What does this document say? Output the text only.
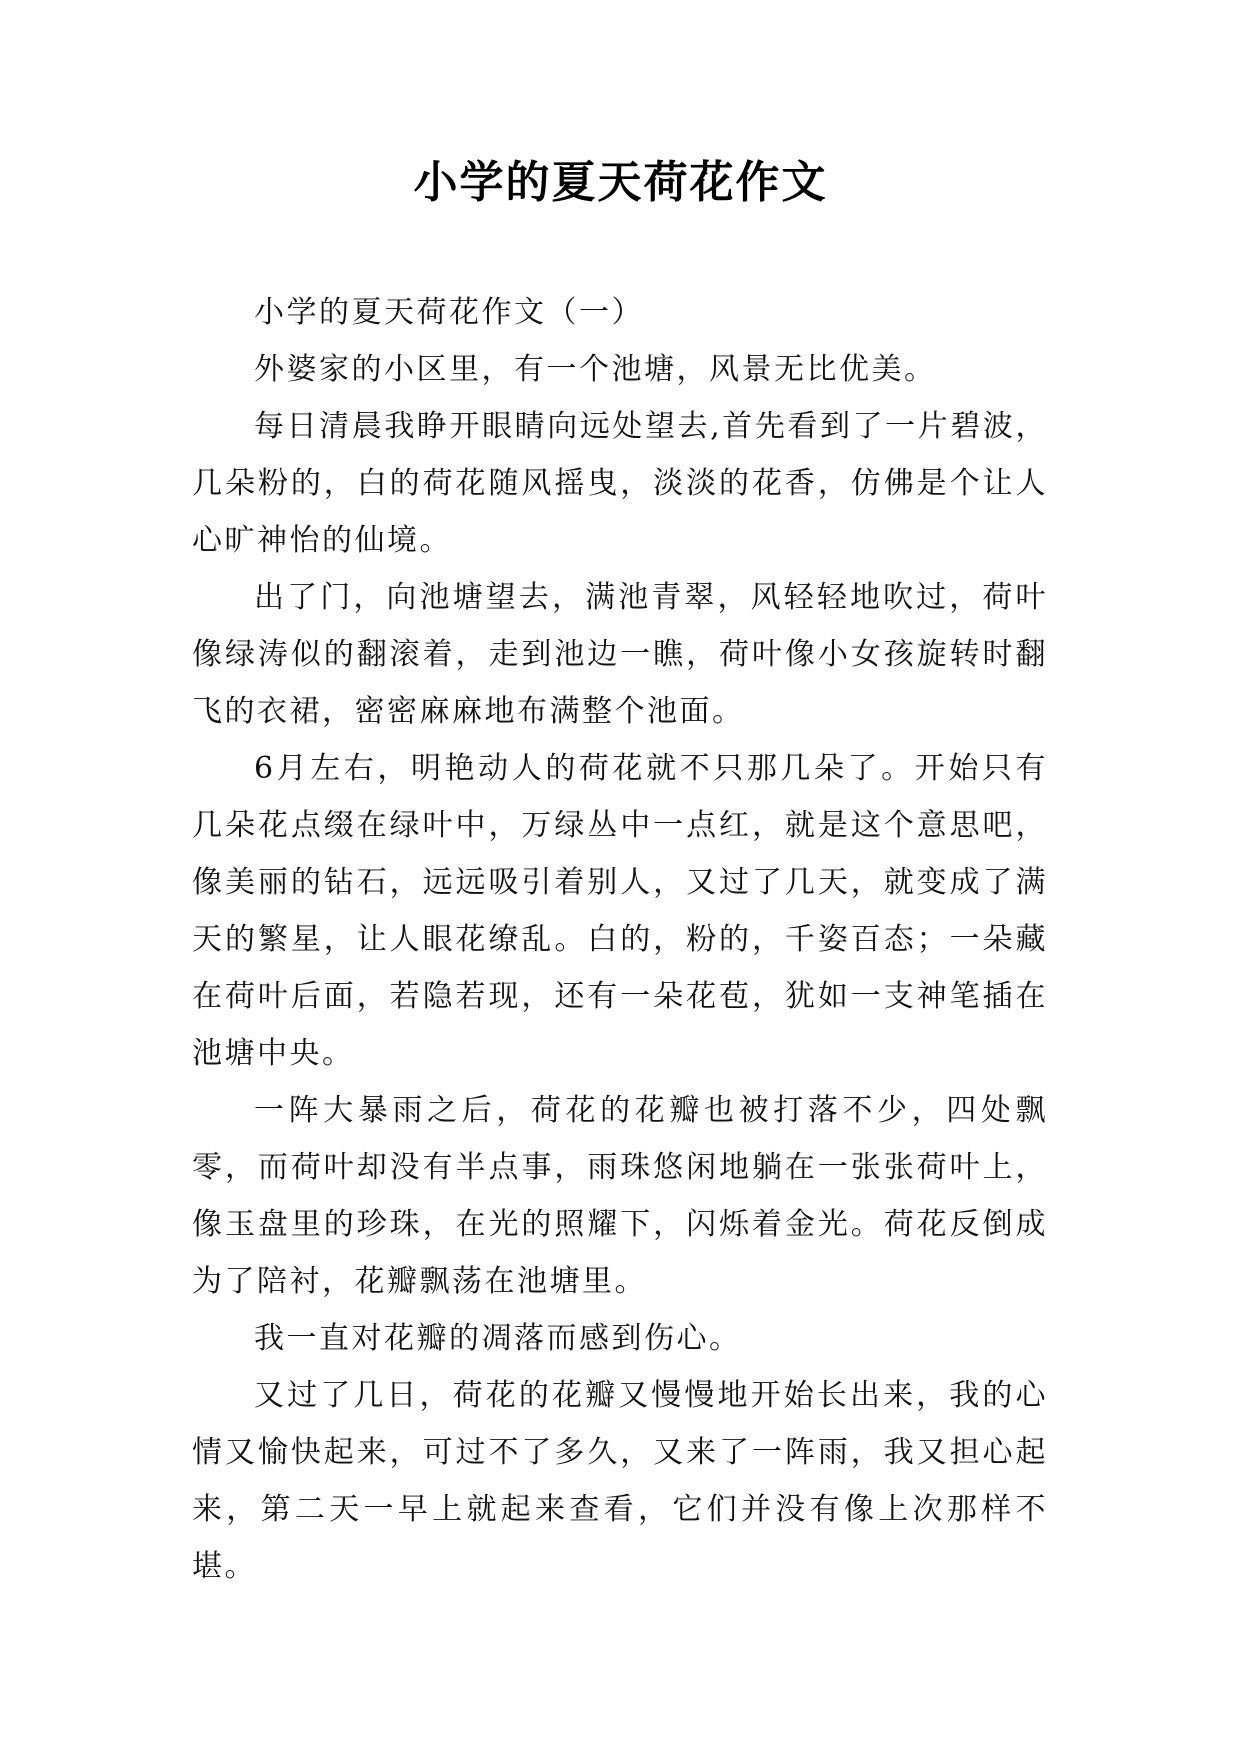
小学的夏天荷花作文

小学的夏天荷花作文（一）

外婆家的小区里，有一个池塘，风景无比优美。

每日清晨我睁开眼睛向远处望去,首先看到了一片碧波，几朵粉的，白的荷花随风摇曳，淡淡的花香，仿佛是个让人心旷神怡的仙境。

出了门，向池塘望去，满池青翠，风轻轻地吹过，荷叶像绿涛似的翻滚着，走到池边一瞧，荷叶像小女孩旋转时翻飞的衣裙，密密麻麻地布满整个池面。

6月左右，明艳动人的荷花就不只那几朵了。开始只有几朵花点缀在绿叶中，万绿丛中一点红，就是这个意思吧，像美丽的钻石，远远吸引着别人，又过了几天，就变成了满天的繁星，让人眼花缭乱。白的，粉的，千姿百态；一朵藏在荷叶后面，若隐若现，还有一朵花苞，犹如一支神笔插在池塘中央。

一阵大暴雨之后，荷花的花瓣也被打落不少，四处飘零，而荷叶却没有半点事，雨珠悠闲地躺在一张张荷叶上，像玉盘里的珍珠，在光的照耀下，闪烁着金光。荷花反倒成为了陪衬，花瓣飘荡在池塘里。

我一直对花瓣的凋落而感到伤心。

又过了几日，荷花的花瓣又慢慢地开始长出来，我的心情又愉快起来，可过不了多久，又来了一阵雨，我又担心起来，第二天一早上就起来查看，它们并没有像上次那样不堪。
